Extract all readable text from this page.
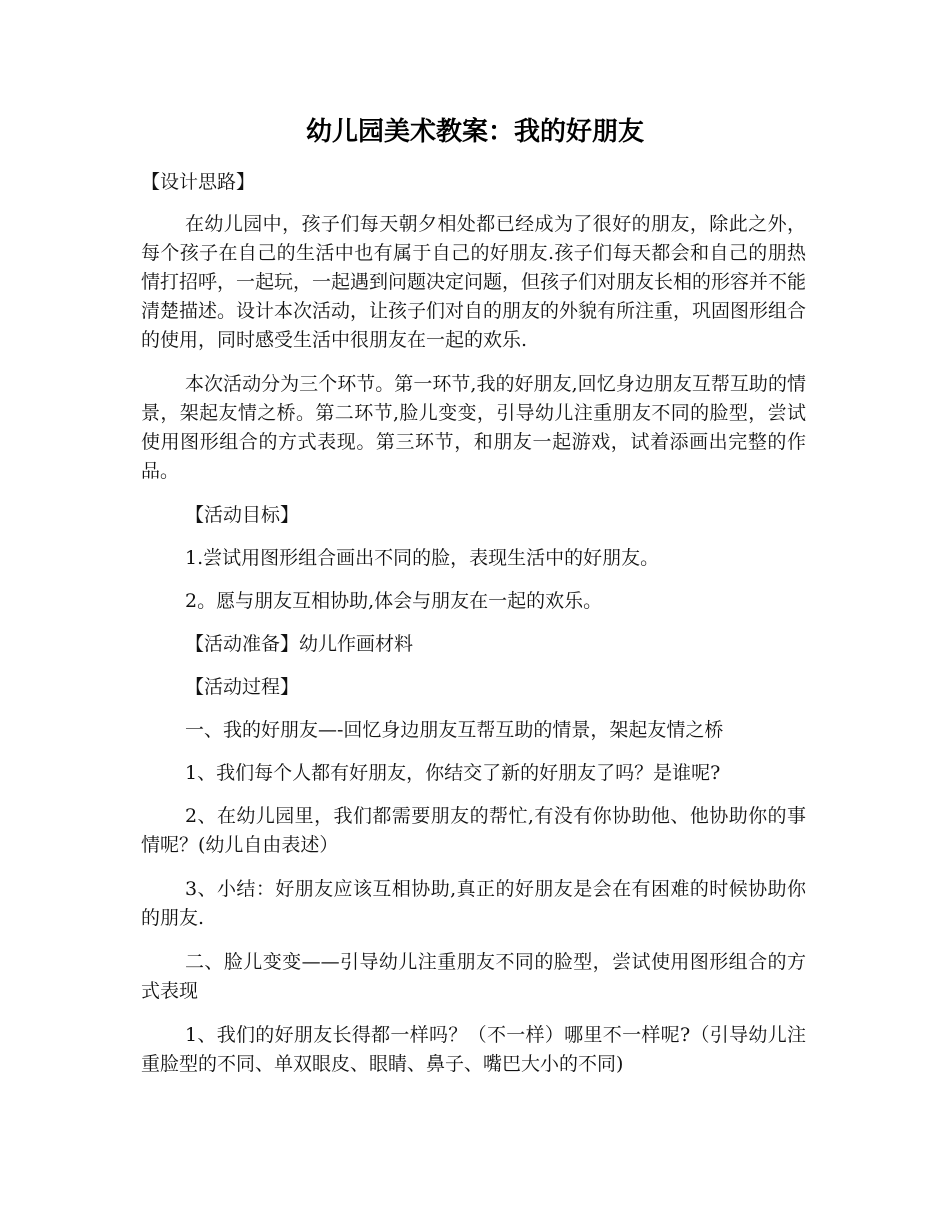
幼儿园美术教案：我的好朋友

【设计思路】

在幼儿园中，孩子们每天朝夕相处都已经成为了很好的朋友，除此之外，每个孩子在自己的生活中也有属于自己的好朋友.孩子们每天都会和自己的朋热情打招呼，一起玩，一起遇到问题决定问题，但孩子们对朋友长相的形容并不能清楚描述。设计本次活动，让孩子们对自的朋友的外貌有所注重，巩固图形组合的使用，同时感受生活中很朋友在一起的欢乐.

本次活动分为三个环节。第一环节,我的好朋友,回忆身边朋友互帮互助的情景，架起友情之桥。第二环节,脸儿变变，引导幼儿注重朋友不同的脸型，尝试使用图形组合的方式表现。第三环节，和朋友一起游戏，试着添画出完整的作品。

【活动目标】

1.尝试用图形组合画出不同的脸，表现生活中的好朋友。

2。愿与朋友互相协助,体会与朋友在一起的欢乐。

【活动准备】幼儿作画材料

【活动过程】

一、我的好朋友—-回忆身边朋友互帮互助的情景，架起友情之桥

1、我们每个人都有好朋友，你结交了新的好朋友了吗？是谁呢?

2、在幼儿园里，我们都需要朋友的帮忙,有没有你协助他、他协助你的事情呢？(幼儿自由表述）

3、小结：好朋友应该互相协助,真正的好朋友是会在有困难的时候协助你的朋友.

二、脸儿变变——引导幼儿注重朋友不同的脸型，尝试使用图形组合的方式表现

1、我们的好朋友长得都一样吗？（不一样）哪里不一样呢?（引导幼儿注重脸型的不同、单双眼皮、眼睛、鼻子、嘴巴大小的不同)
